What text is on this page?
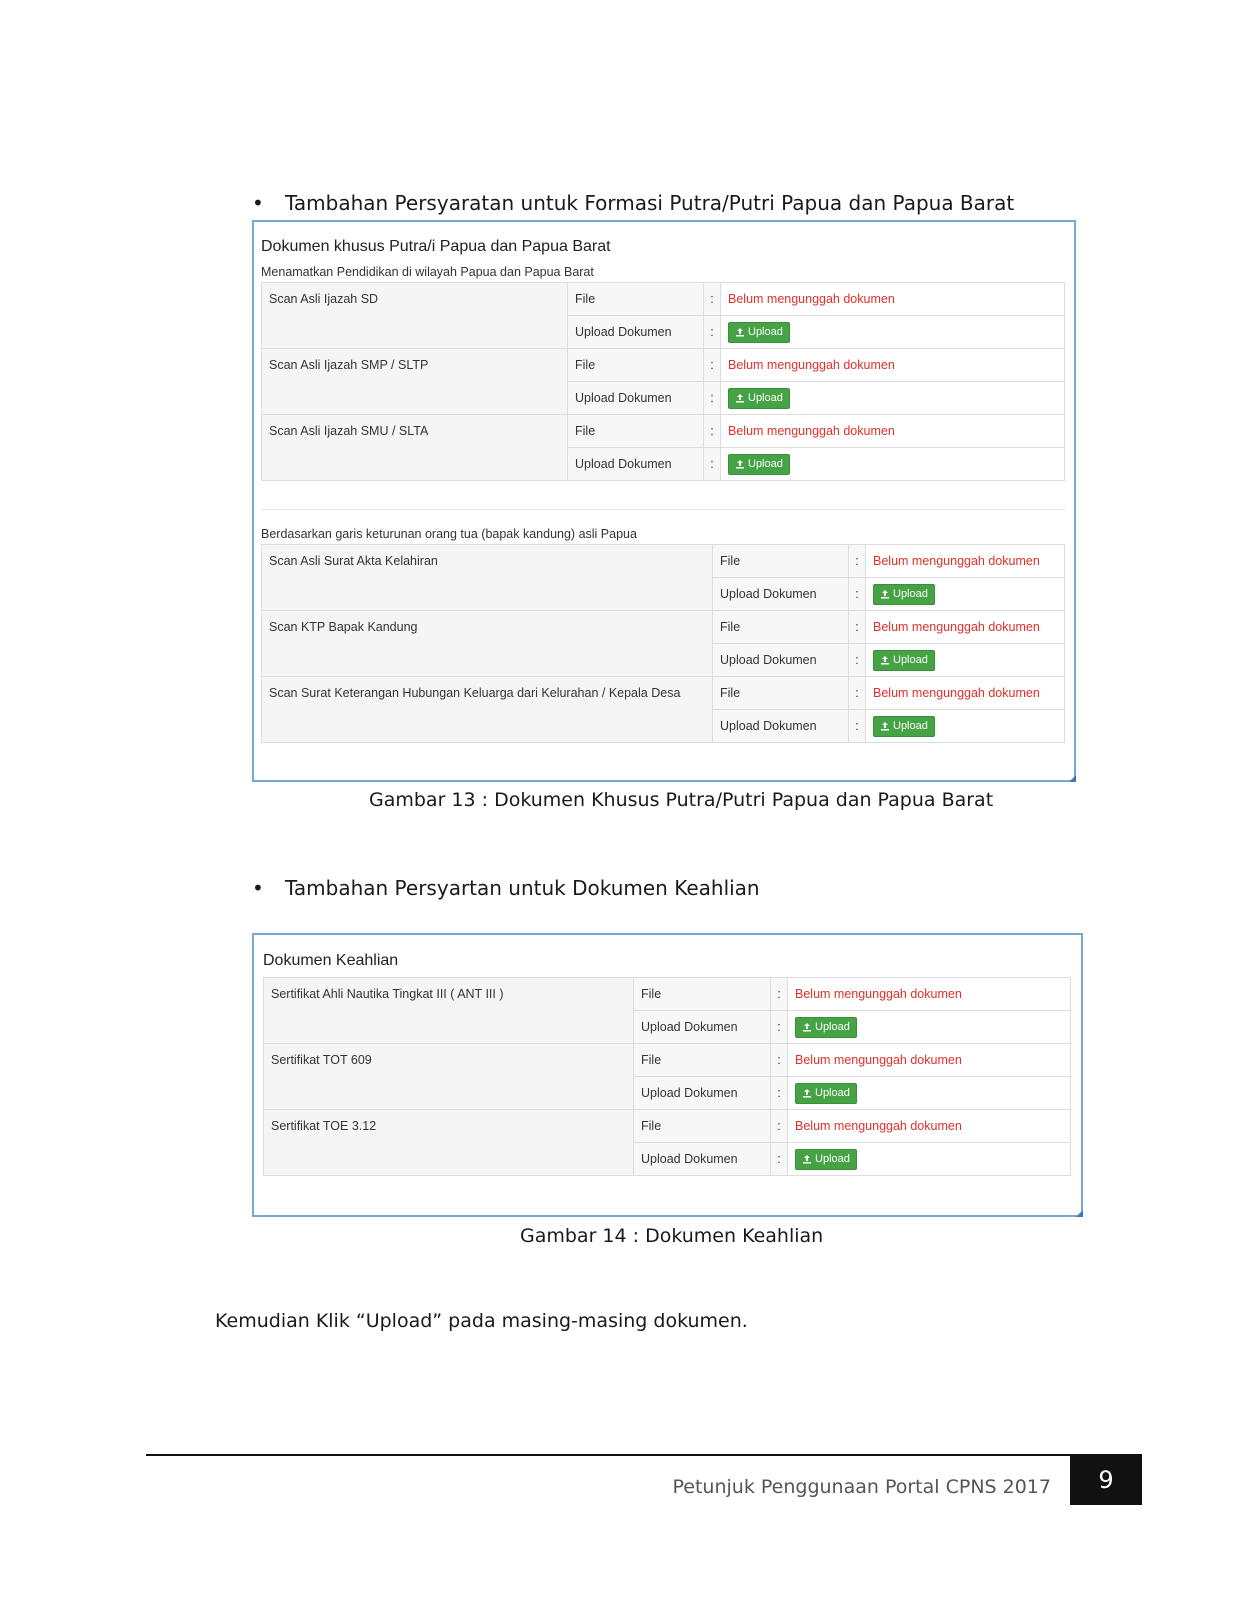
• Tambahan Persyaratan untuk Formasi Putra/Putri Papua dan Papua Barat
Dokumen khusus Putra/i Papua dan Papua Barat
Menamatkan Pendidikan di wilayah Papua dan Papua Barat
Scan Asli Ijazah SD	File	:	Belum mengunggah dokumen
	Upload Dokumen	:	Upload

Scan Asli Ijazah SMP / SLTP	File	:	Belum mengunggah dokumen
	Upload Dokumen	:	Upload

Scan Asli Ijazah SMU / SLTA	File	:	Belum mengunggah dokumen
	Upload Dokumen	:	Upload
Berdasarkan garis keturunan orang tua (bapak kandung) asli Papua
Scan Asli Surat Akta Kelahiran	File	:	Belum mengunggah dokumen
	Upload Dokumen	:	Upload

Scan KTP Bapak Kandung	File	:	Belum mengunggah dokumen
	Upload Dokumen	:	Upload

Scan Surat Keterangan Hubungan Keluarga dari Kelurahan / Kepala Desa	File	:	Belum mengunggah dokumen
	Upload Dokumen	:	Upload
Gambar 13 : Dokumen Khusus Putra/Putri Papua dan Papua Barat
• Tambahan Persyartan untuk Dokumen Keahlian
Dokumen Keahlian
Sertifikat Ahli Nautika Tingkat III ( ANT III )	File	:	Belum mengunggah dokumen
	Upload Dokumen	:	Upload

Sertifikat TOT 609	File	:	Belum mengunggah dokumen
	Upload Dokumen	:	Upload

Sertifikat TOE 3.12	File	:	Belum mengunggah dokumen
	Upload Dokumen	:	Upload
Gambar 14 : Dokumen Keahlian
Kemudian Klik “Upload” pada masing-masing dokumen.
Petunjuk Penggunaan Portal CPNS 2017	9
